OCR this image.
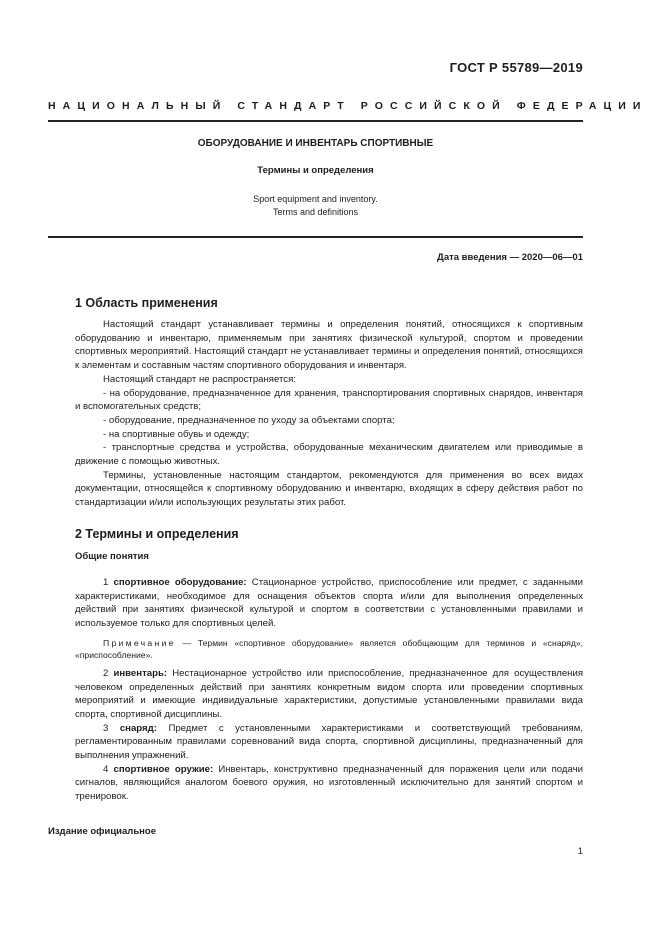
ГОСТ Р 55789—2019
НАЦИОНАЛЬНЫЙ СТАНДАРТ РОССИЙСКОЙ ФЕДЕРАЦИИ
ОБОРУДОВАНИЕ И ИНВЕНТАРЬ СПОРТИВНЫЕ
Термины и определения
Sport equipment and inventory.
Terms and definitions
Дата введения — 2020—06—01
1 Область применения

Настоящий стандарт устанавливает термины и определения понятий, относящихся к спортивным оборудованию и инвентарю, применяемым при занятиях физической культурой, спортом и проведении спортивных мероприятий. Настоящий стандарт не устанавливает термины и определения понятий, относящихся к элементам и составным частям спортивного оборудования и инвентаря.

Настоящий стандарт не распространяется:

- на оборудование, предназначенное для хранения, транспортирования спортивных снарядов, инвентаря и вспомогательных средств;

- оборудование, предназначенное по уходу за объектами спорта;

- на спортивные обувь и одежду;

- транспортные средства и устройства, оборудованные механическим двигателем или приводимые в движение с помощью животных.

Термины, установленные настоящим стандартом, рекомендуются для применения во всех видах документации, относящейся к спортивному оборудованию и инвентарю, входящих в сферу действия работ по стандартизации и/или использующих результаты этих работ.

2 Термины и определения
Общие понятия

1 спортивное оборудование: Стационарное устройство, приспособление или предмет, с заданными характеристиками, необходимое для оснащения объектов спорта и/или для выполнения определенных действий при занятиях физической культурой и спортом в соответствии с установленными правилами и используемое только для спортивных целей.

Примечание — Термин «спортивное оборудование» является обобщающим для терминов и «снаряд», «приспособление».

2 инвентарь: Нестационарное устройство или приспособление, предназначенное для осуществления человеком определенных действий при занятиях конкретным видом спорта или проведении спортивных мероприятий и имеющие индивидуальные характеристики, допустимые установленными правилами вида спорта, спортивной дисциплины.

3 снаряд: Предмет с установленными характеристиками и соответствующий требованиям, регламентированным правилами соревнований вида спорта, спортивной дисциплины, предназначенный для выполнения упражнений.

4 спортивное оружие: Инвентарь, конструктивно предназначенный для поражения цели или подачи сигналов, являющийся аналогом боевого оружия, но изготовленный исключительно для занятий спортом и тренировок.

Издание официальное
1
